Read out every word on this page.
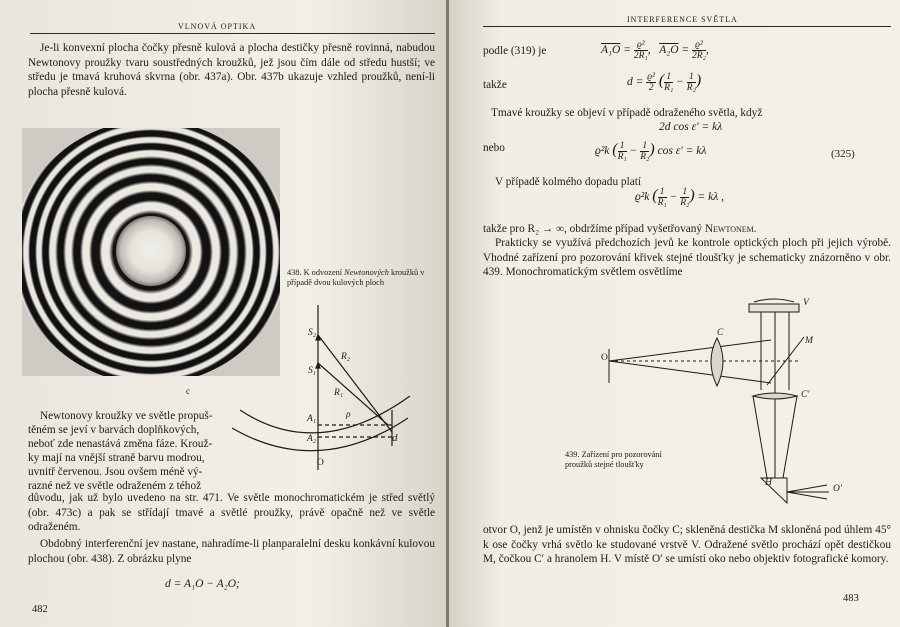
VLNOVÁ OPTIKA

Je-li konvexní plocha čočky přesně kulová a plocha destičky přesně rovinná, nabudou Newtonovy proužky tvaru soustředných kroužků, jež jsou čím dále od středu hustší; ve středu je tmavá kruhová skvrna (obr. 437a). Obr. 437b ukazuje vzhled proužků, není-li plocha přesně kulová.

c

438. K odvození Newtonových kroužků v případě dvou kulových ploch

S₂
S₁
R₂
R₁
A₁
A₂
ρ
d
O
Newtonovy kroužky ve světle propuš-
těném se jeví v barvách doplňkových,
neboť zde nenastává změna fáze. Krouž-
ky mají na vnější straně barvu modrou,
uvnitř červenou. Jsou ovšem méně vý-
razné než ve světle odraženém z téhož

důvodu, jak už bylo uvedeno na str. 471. Ve světle monochromatickém je střed světlý (obr. 473c) a pak se střídají tmavé a světlé proužky, právě opačně než ve světle odraženém.

Obdobný interferenční jev nastane, nahradíme-li planparalelní desku konkávní kulovou plochou (obr. 438). Z obrázku plyne

d = A₁O − A₂O;
482
INTERFERENCE SVĚTLA
podle (319) je	$A_1O = \frac{\text{ϱ²}}{\text{2R₁}}$ ,   $A_2O = \frac{\text{ϱ²}}{\text{2R₂}}$ ,
takže	$d = \frac{\text{ϱ²}}{2}$ ( $\frac{1}{\text{R₁}} - \frac{1}{\text{R₂}}$ )
Tmavé kroužky se objeví v případě odraženého světla, když
2d cos ε′ = kλ
nebo	ϱ²k ( $\frac{1}{\text{R₁}} - \frac{1}{\text{R₂}}$ ) cos ε′ = kλ	(325)
V případě kolmého dopadu platí
ϱ²k ( $\frac{1}{\text{R₁}} - \frac{1}{\text{R₂}}$ ) = kλ ,
takže pro R₂ → ∞, obdržíme případ vyšetřovaný Newtonem.

Prakticky se využívá předchozích jevů ke kontrole optických ploch při jejich výrobě. Vhodné zařízení pro pozorování křivek stejné tloušťky je schematicky znázorněno v obr. 439. Monochromatickým světlem osvětlíme

O
C
M
V
C′
H
O′

439. Zařízení pro pozorování proužků stejné tloušťky

otvor O, jenž je umístěn v ohnisku čočky C; skleněná destička M skloněná pod úhlem 45° k ose čočky vrhá světlo ke studované vrstvě V. Odražené světlo prochází opět destičkou M, čočkou C′ a hranolem H. V místě O′ se umístí oko nebo objektiv fotografické komory.

483
